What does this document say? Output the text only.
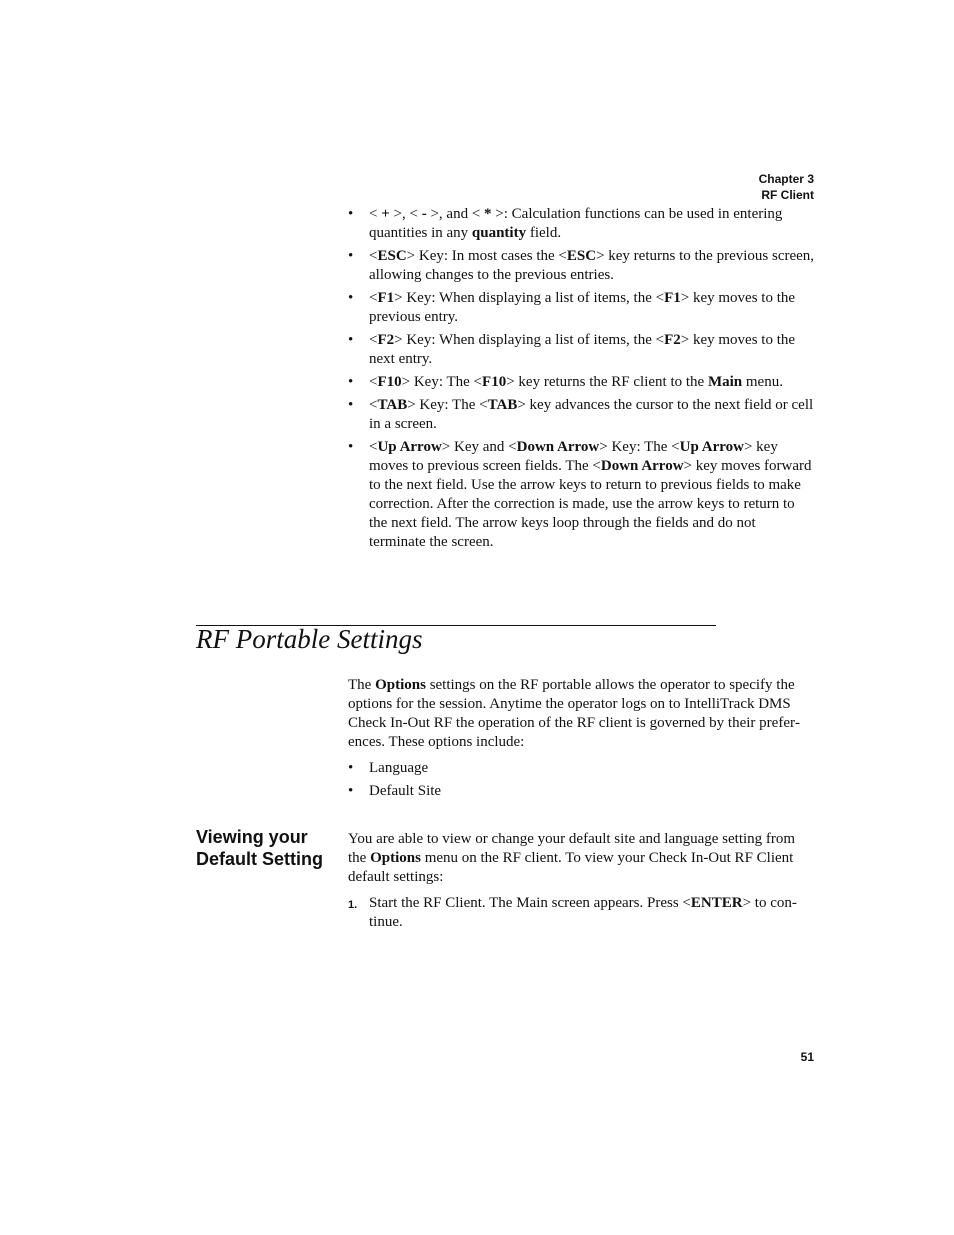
Chapter 3
RF Client
• < + >, < - >, and < * >: Calculation functions can be used in entering quantities in any quantity field.
• <ESC> Key: In most cases the <ESC> key returns to the previous screen, allowing changes to the previous entries.
• <F1> Key: When displaying a list of items, the <F1> key moves to the previous entry.
• <F2> Key: When displaying a list of items, the <F2> key moves to the next entry.
• <F10> Key: The <F10> key returns the RF client to the Main menu.
• <TAB> Key: The <TAB> key advances the cursor to the next field or cell in a screen.
• <Up Arrow> Key and <Down Arrow> Key: The <Up Arrow> key moves to previous screen fields. The <Down Arrow> key moves forward to the next field. Use the arrow keys to return to previous fields to make correction. After the correction is made, use the arrow keys to return to the next field. The arrow keys loop through the fields and do not terminate the screen.
RF Portable Settings

The Options settings on the RF portable allows the operator to specify the options for the session. Anytime the operator logs on to IntelliTrack DMS Check In-Out RF the operation of the RF client is governed by their preferences. These options include:

• Language
• Default Site
Viewing your Default Setting

You are able to view or change your default site and language setting from the Options menu on the RF client. To view your Check In-Out RF Client default settings:

1. Start the RF Client. The Main screen appears. Press <ENTER> to continue.
51
